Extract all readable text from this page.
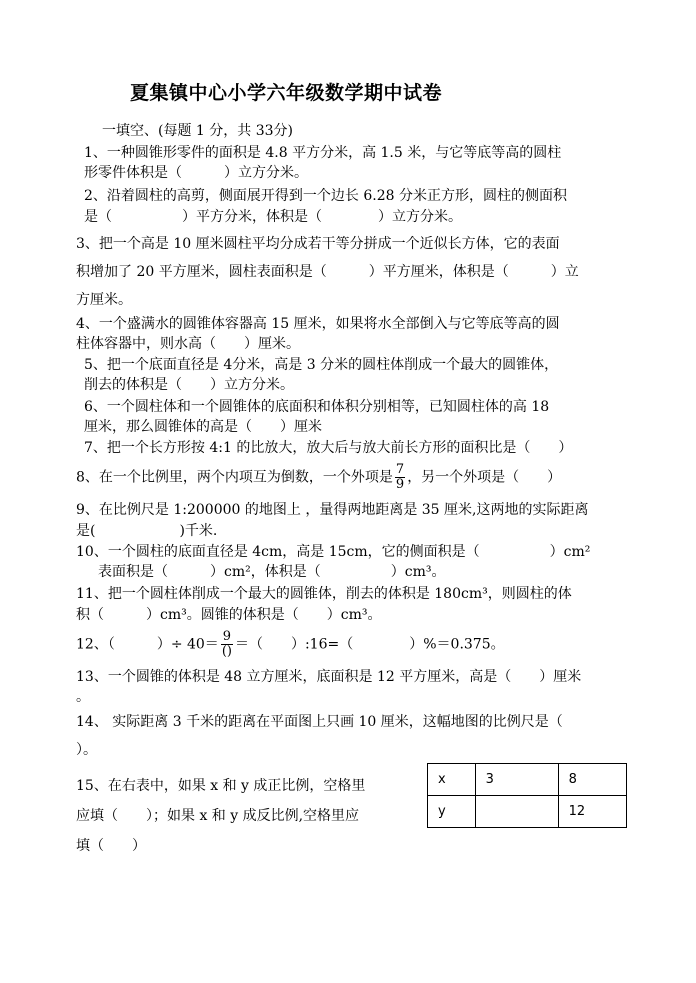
夏集镇中心小学六年级数学期中试卷
一填空、(每题 1 分，共 33分)
1、一种圆锥形零件的面积是 4.8 平方分米，高 1.5 米，与它等底等高的圆柱
形零件体积是（　　　）立方分米。
2、沿着圆柱的高剪，侧面展开得到一个边长 6.28 分米正方形，圆柱的侧面积
是（　　　　　）平方分米，体积是（　　　　）立方分米。
3、把一个高是 10 厘米圆柱平均分成若干等分拼成一个近似长方体，它的表面
积增加了 20 平方厘米，圆柱表面积是（　　　）平方厘米，体积是（　　　）立
方厘米。
4、一个盛满水的圆锥体容器高 15 厘米，如果将水全部倒入与它等底等高的圆
柱体容器中，则水高（　　）厘米。
5、把一个底面直径是 4分米，高是 3 分米的圆柱体削成一个最大的圆锥体，
削去的体积是（　　）立方分米。
6、一个圆柱体和一个圆锥体的底面积和体积分别相等，已知圆柱体的高 18
厘米，那么圆锥体的高是（　　）厘米
7、把一个长方形按 4:1 的比放大，放大后与放大前长方形的面积比是（　　）
8、在一个比例里，两个内项互为倒数，一个外项是 $\frac{7}{9}$ ，另一个外项是（　　）
9、在比例尺是 1:200000 的地图上 ，量得两地距离是 35 厘米,这两地的实际距离
是(　　　　　　)千米.
10、一个圆柱的底面直径是 4cm，高是 15cm，它的侧面积是（　　　　　）cm²
表面积是（　　　）cm²，体积是（　　　　　）cm³。
11、把一个圆柱体削成一个最大的圆锥体，削去的体积是 180cm³，则圆柱的体
积（　　　）cm³。圆锥的体积是（　　）cm³。
12、（　　　）÷ $40= \frac{9}{()}$ ＝（　　）:16=（　　　　）%＝0.375。
13、一个圆锥的体积是 48 立方厘米，底面积是 12 平方厘米，高是（　　）厘米
。
14、 实际距离 3 千米的距离在平面图上只画 10 厘米，这幅地图的比例尺是（
）。
15、在右表中，如果 x 和 y 成正比例，空格里
应填（　　）；如果 x 和 y 成反比例,空格里应
填（　　）
x	3	8
y		12
